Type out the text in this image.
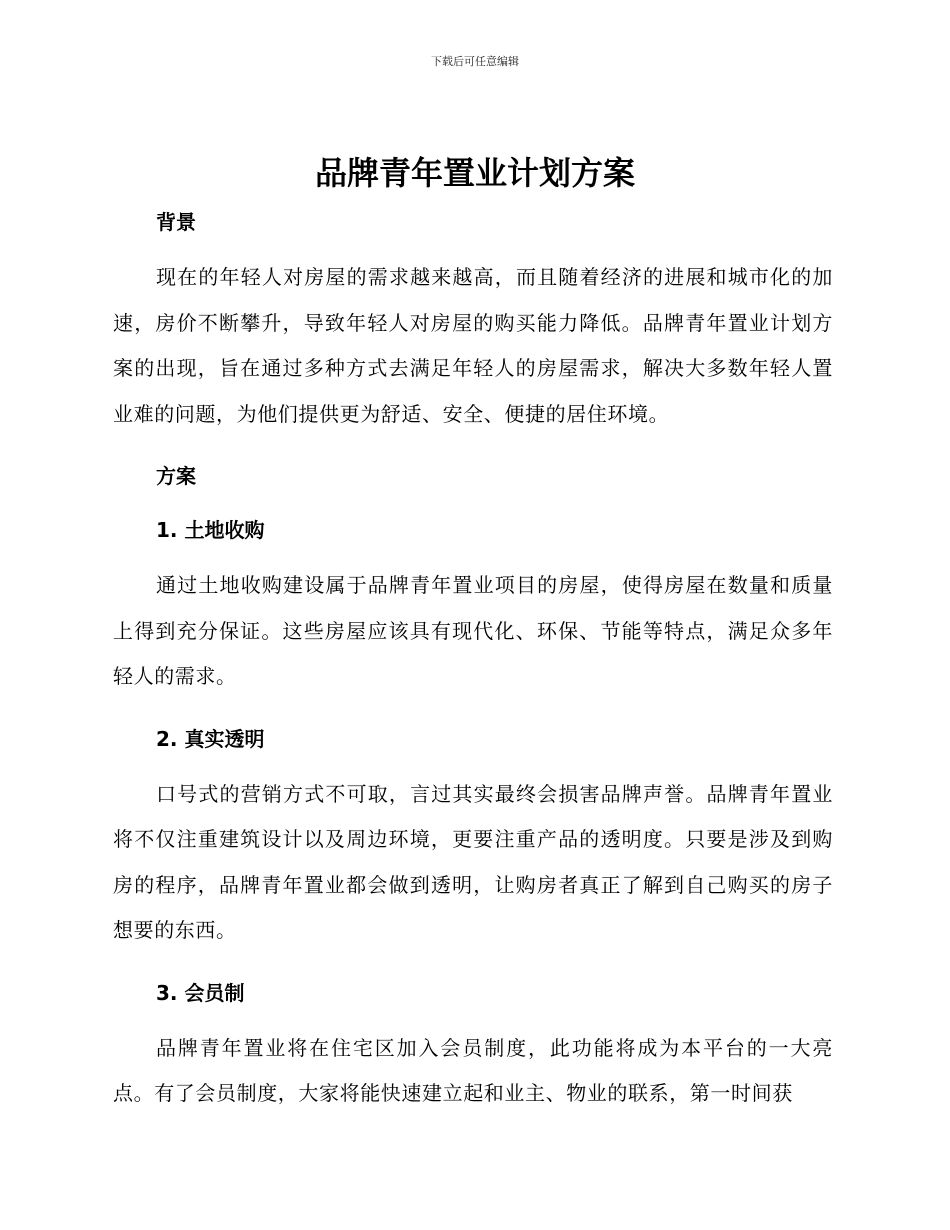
下载后可任意编辑
品牌青年置业计划方案
背景

现在的年轻人对房屋的需求越来越高，而且随着经济的进展和城市化的加速，房价不断攀升，导致年轻人对房屋的购买能力降低。品牌青年置业计划方案的出现，旨在通过多种方式去满足年轻人的房屋需求，解决大多数年轻人置业难的问题，为他们提供更为舒适、安全、便捷的居住环境。

方案
1. 土地收购

通过土地收购建设属于品牌青年置业项目的房屋，使得房屋在数量和质量上得到充分保证。这些房屋应该具有现代化、环保、节能等特点，满足众多年轻人的需求。

2. 真实透明

口号式的营销方式不可取，言过其实最终会损害品牌声誉。品牌青年置业将不仅注重建筑设计以及周边环境，更要注重产品的透明度。只要是涉及到购房的程序，品牌青年置业都会做到透明，让购房者真正了解到自己购买的房子想要的东西。

3. 会员制

品牌青年置业将在住宅区加入会员制度，此功能将成为本平台的一大亮点。有了会员制度，大家将能快速建立起和业主、物业的联系，第一时间获
